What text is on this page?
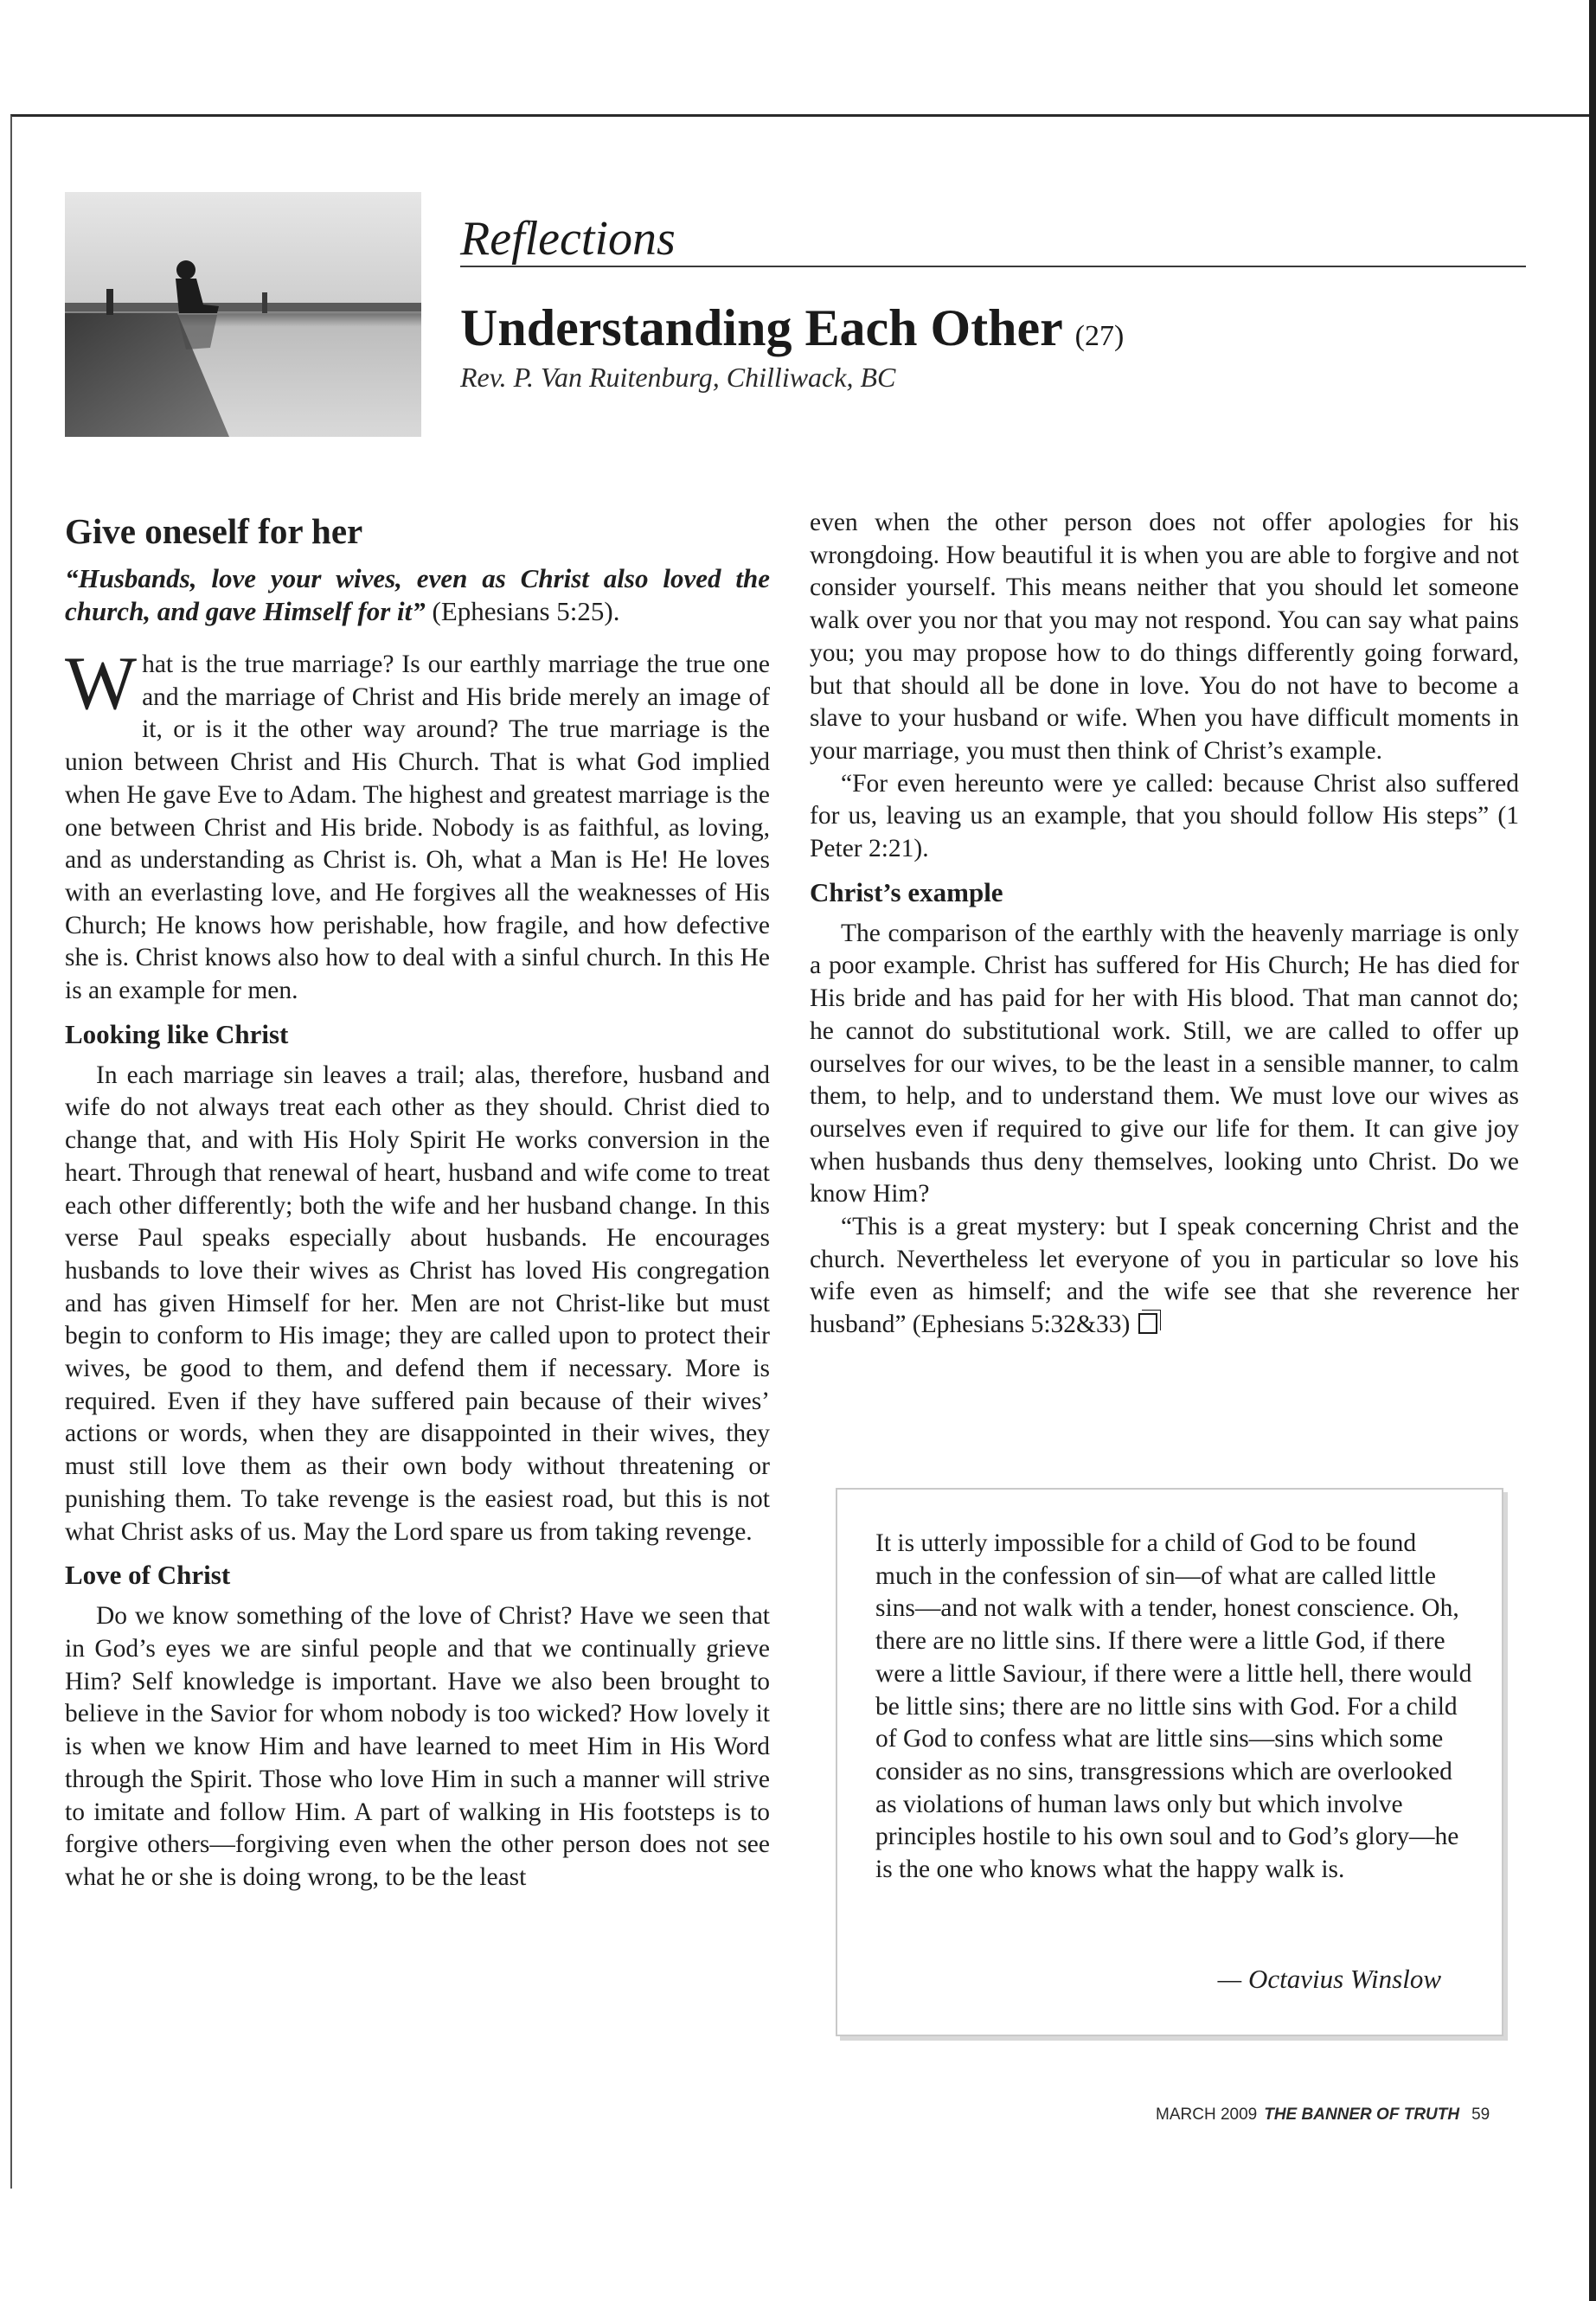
Reflections
Understanding Each Other (27)
Rev. P. Van Ruitenburg, Chilliwack, BC
Give oneself for her

“Husbands, love your wives, even as Christ also loved the church, and gave Himself for it” (Ephesians 5:25).

What is the true marriage? Is our earthly marriage the true one and the marriage of Christ and His bride merely an image of it, or is it the other way around? The true marriage is the union between Christ and His Church. That is what God implied when He gave Eve to Adam. The highest and greatest marriage is the one between Christ and His bride. Nobody is as faithful, as loving, and as understanding as Christ is. Oh, what a Man is He! He loves with an everlasting love, and He forgives all the weaknesses of His Church; He knows how perishable, how fragile, and how defective she is. Christ knows also how to deal with a sinful church. In this He is an example for men.

Looking like Christ

In each marriage sin leaves a trail; alas, therefore, husband and wife do not always treat each other as they should. Christ died to change that, and with His Holy Spirit He works conversion in the heart. Through that renewal of heart, husband and wife come to treat each other differently; both the wife and her husband change. In this verse Paul speaks especially about husbands. He encourages husbands to love their wives as Christ has loved His congregation and has given Himself for her. Men are not Christ-like but must begin to conform to His image; they are called upon to protect their wives, be good to them, and defend them if necessary. More is required. Even if they have suffered pain because of their wives’ actions or words, when they are disappointed in their wives, they must still love them as their own body without threatening or punishing them. To take revenge is the easiest road, but this is not what Christ asks of us. May the Lord spare us from taking revenge.

Love of Christ

Do we know something of the love of Christ? Have we seen that in God’s eyes we are sinful people and that we continually grieve Him? Self knowledge is important. Have we also been brought to believe in the Savior for whom nobody is too wicked? How lovely it is when we know Him and have learned to meet Him in His Word through the Spirit. Those who love Him in such a manner will strive to imitate and follow Him. A part of walking in His footsteps is to forgive others—forgiving even when the other person does not see what he or she is doing wrong, to be the least

even when the other person does not offer apologies for his wrongdoing. How beautiful it is when you are able to forgive and not consider yourself. This means neither that you should let someone walk over you nor that you may not respond. You can say what pains you; you may propose how to do things differently going forward, but that should all be done in love. You do not have to become a slave to your husband or wife. When you have difficult moments in your marriage, you must then think of Christ’s example.

“For even hereunto were ye called: because Christ also suffered for us, leaving us an example, that you should follow His steps” (1 Peter 2:21).

Christ’s example

The comparison of the earthly with the heavenly marriage is only a poor example. Christ has suffered for His Church; He has died for His bride and has paid for her with His blood. That man cannot do; he cannot do substitutional work. Still, we are called to offer up ourselves for our wives, to be the least in a sensible manner, to calm them, to help, and to understand them. We must love our wives as ourselves even if required to give our life for them. It can give joy when husbands thus deny themselves, looking unto Christ. Do we know Him?

“This is a great mystery: but I speak concerning Christ and the church. Nevertheless let everyone of you in particular so love his wife even as himself; and the wife see that she reverence her husband” (Ephesians 5:32&33)

It is utterly impossible for a child of God to be found much in the confession of sin—of what are called little sins—and not walk with a tender, honest conscience. Oh, there are no little sins. If there were a little God, if there were a little Saviour, if there were a little hell, there would be little sins; there are no little sins with God. For a child of God to confess what are little sins—sins which some consider as no sins, transgressions which are overlooked as violations of human laws only but which involve principles hostile to his own soul and to God’s glory—he is the one who knows what the happy walk is.
— Octavius Winslow
MARCH 2009 THE BANNER OF TRUTH 59
